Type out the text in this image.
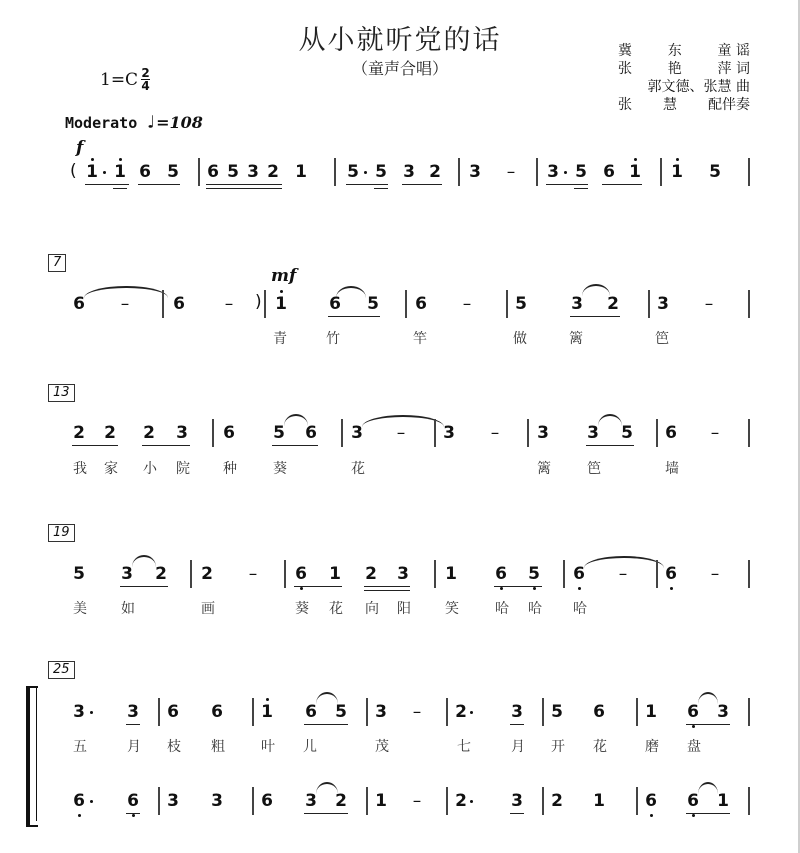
从小就听党的话
（童声合唱）
冀	东	童 谣
张	艳	萍 词
郭文德、张慧 曲
张 慧 配伴奏
$1=C \frac{2}{4}$
Moderato ♩ =108
f
( 1 1 6 5 6 5 3 2 1 5 5 3 2 3 – 3 5 6 1 1 5
7
mf
6 –	6 – ) 1 6 5 6 –	5	3 2 3 –
青	竹	竿	做	篱	笆
13
2 2 2 3 6 5 6 3 – 3 – 3 3 5 6 –
我 家 小 院 种	葵	花	篱	笆	墙
19
5 3 2 2 – 6 1 2 3 1 6 5 6 – 6 –
美 如	画	葵 花 向 阳 笑	哈 哈 哈
25
3 3 6 6 1 6 5 3 – 2	3 5 6 1 6 3
五	月 枝 粗	叶 儿	茂	七	月 开 花	磨 盘
6 6 3 3 6 3 2 1 – 2	3 2 1 6 6 1
